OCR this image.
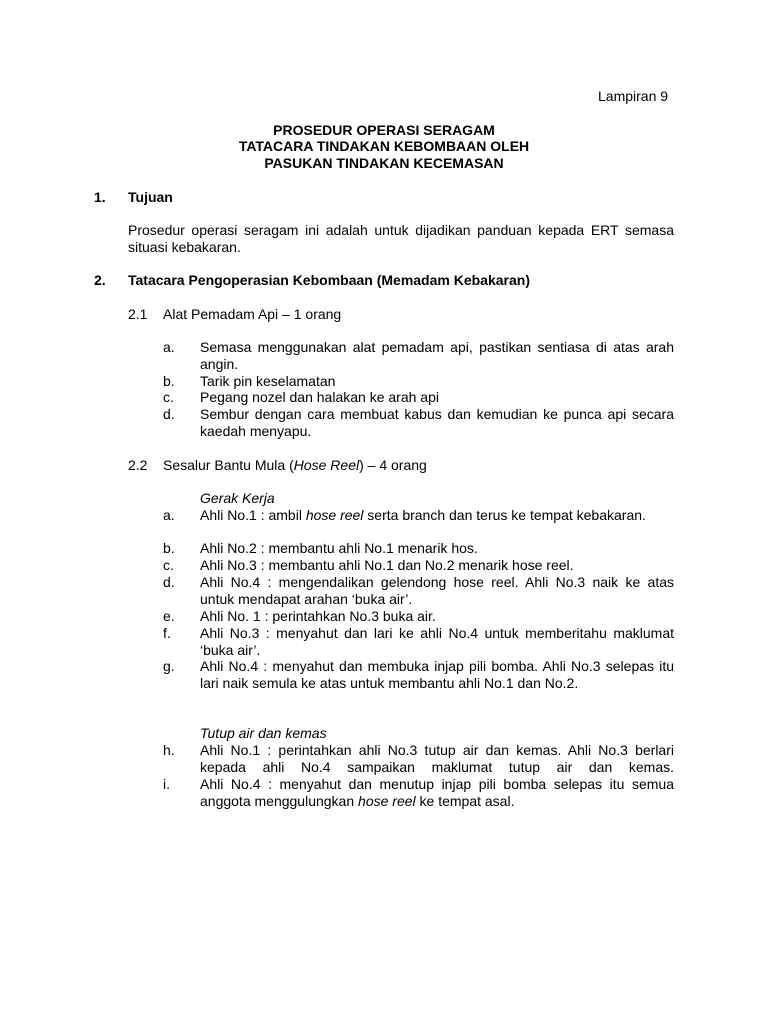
Lampiran 9
PROSEDUR OPERASI SERAGAM
TATACARA TINDAKAN KEBOMBAAN OLEH
PASUKAN TINDAKAN KECEMASAN
1. Tujuan
Prosedur operasi seragam ini adalah untuk dijadikan panduan kepada ERT semasa situasi kebakaran.
2. Tatacara Pengoperasian Kebombaan (Memadam Kebakaran)
2.1 Alat Pemadam Api – 1 orang
a. Semasa menggunakan alat pemadam api, pastikan sentiasa di atas arah angin.
b. Tarik pin keselamatan
c. Pegang nozel dan halakan ke arah api
d. Sembur dengan cara membuat kabus dan kemudian ke punca api secara kaedah menyapu.
2.2 Sesalur Bantu Mula (Hose Reel) – 4 orang
Gerak Kerja
a. Ahli No.1 : ambil hose reel serta branch dan terus ke tempat kebakaran.
b. Ahli No.2 : membantu ahli No.1 menarik hos.
c. Ahli No.3 : membantu ahli No.1 dan No.2 menarik hose reel.
d. Ahli No.4 : mengendalikan gelendong hose reel. Ahli No.3 naik ke atas untuk mendapat arahan ‘buka air’.
e. Ahli No. 1 : perintahkan No.3 buka air.
f. Ahli No.3 : menyahut dan lari ke ahli No.4 untuk memberitahu maklumat ‘buka air’.
g. Ahli No.4 : menyahut dan membuka injap pili bomba. Ahli No.3 selepas itu lari naik semula ke atas untuk membantu ahli No.1 dan No.2.
Tutup air dan kemas
h. Ahli No.1 : perintahkan ahli No.3 tutup air dan kemas. Ahli No.3 berlari kepada ahli No.4 sampaikan maklumat tutup air dan kemas.
i. Ahli No.4 : menyahut dan menutup injap pili bomba selepas itu semua anggota menggulungkan hose reel ke tempat asal.
